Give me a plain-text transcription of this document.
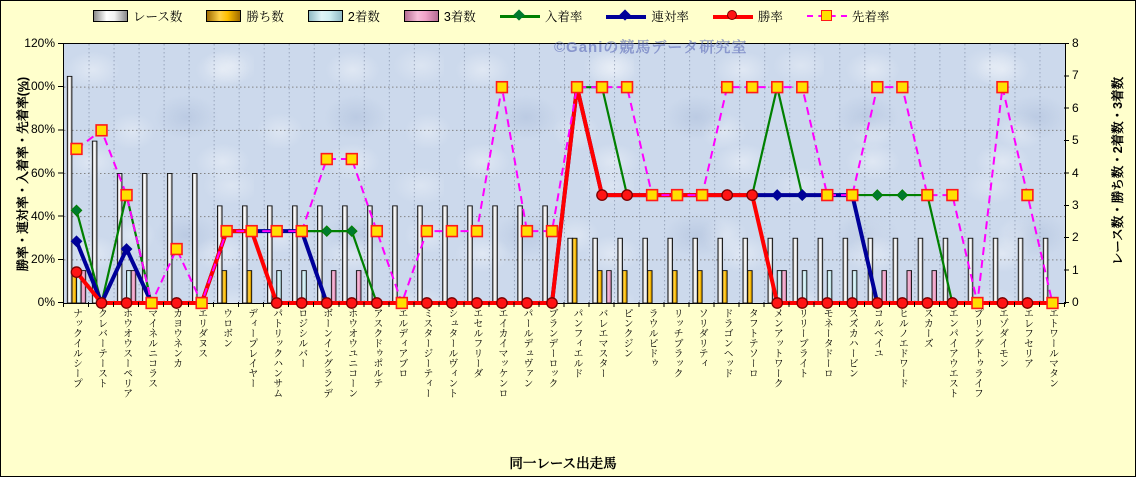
レース数	勝ち数	2着数	3着数	入着率	連対率	勝率	先着率
勝率・連対率・入着率・先着率(%)	レース数・勝ち数・2着数・3着数
0%
20%
40%
60%
80%
100%
120%
0
1
2
3
4
5
6
7
8
ナックイルシープ クレバーテースト ホウオウスーペリア マイネルニコラス カヨウネンカ エリダヌス ウロボン ディープレイヤー パトリックハンサム ロジシルバー ボーンイングランデ ホウオウユニコーン アスクドゥポルテ エルディアブロ ミスタージーティー シュタールヴィント エセルフリーダ エイカイマッケンロ パールデュヴァン ブランデーロック パンフィエルド バレエマスター ピンクジン ラウルピドゥ リッチブラック ソリダリティ ドラゴンヘッド タフトテソーロ メンアットワーク リリーブライト モネータドーロ スズカハービン コルベイユ ヒルノエドワード スカーズ エンパイアウエスト プリングトゥライフ エゾダイモン エレフセリア エトワールマタン
同一レース出走馬
©Ganiの競馬データ研究室
